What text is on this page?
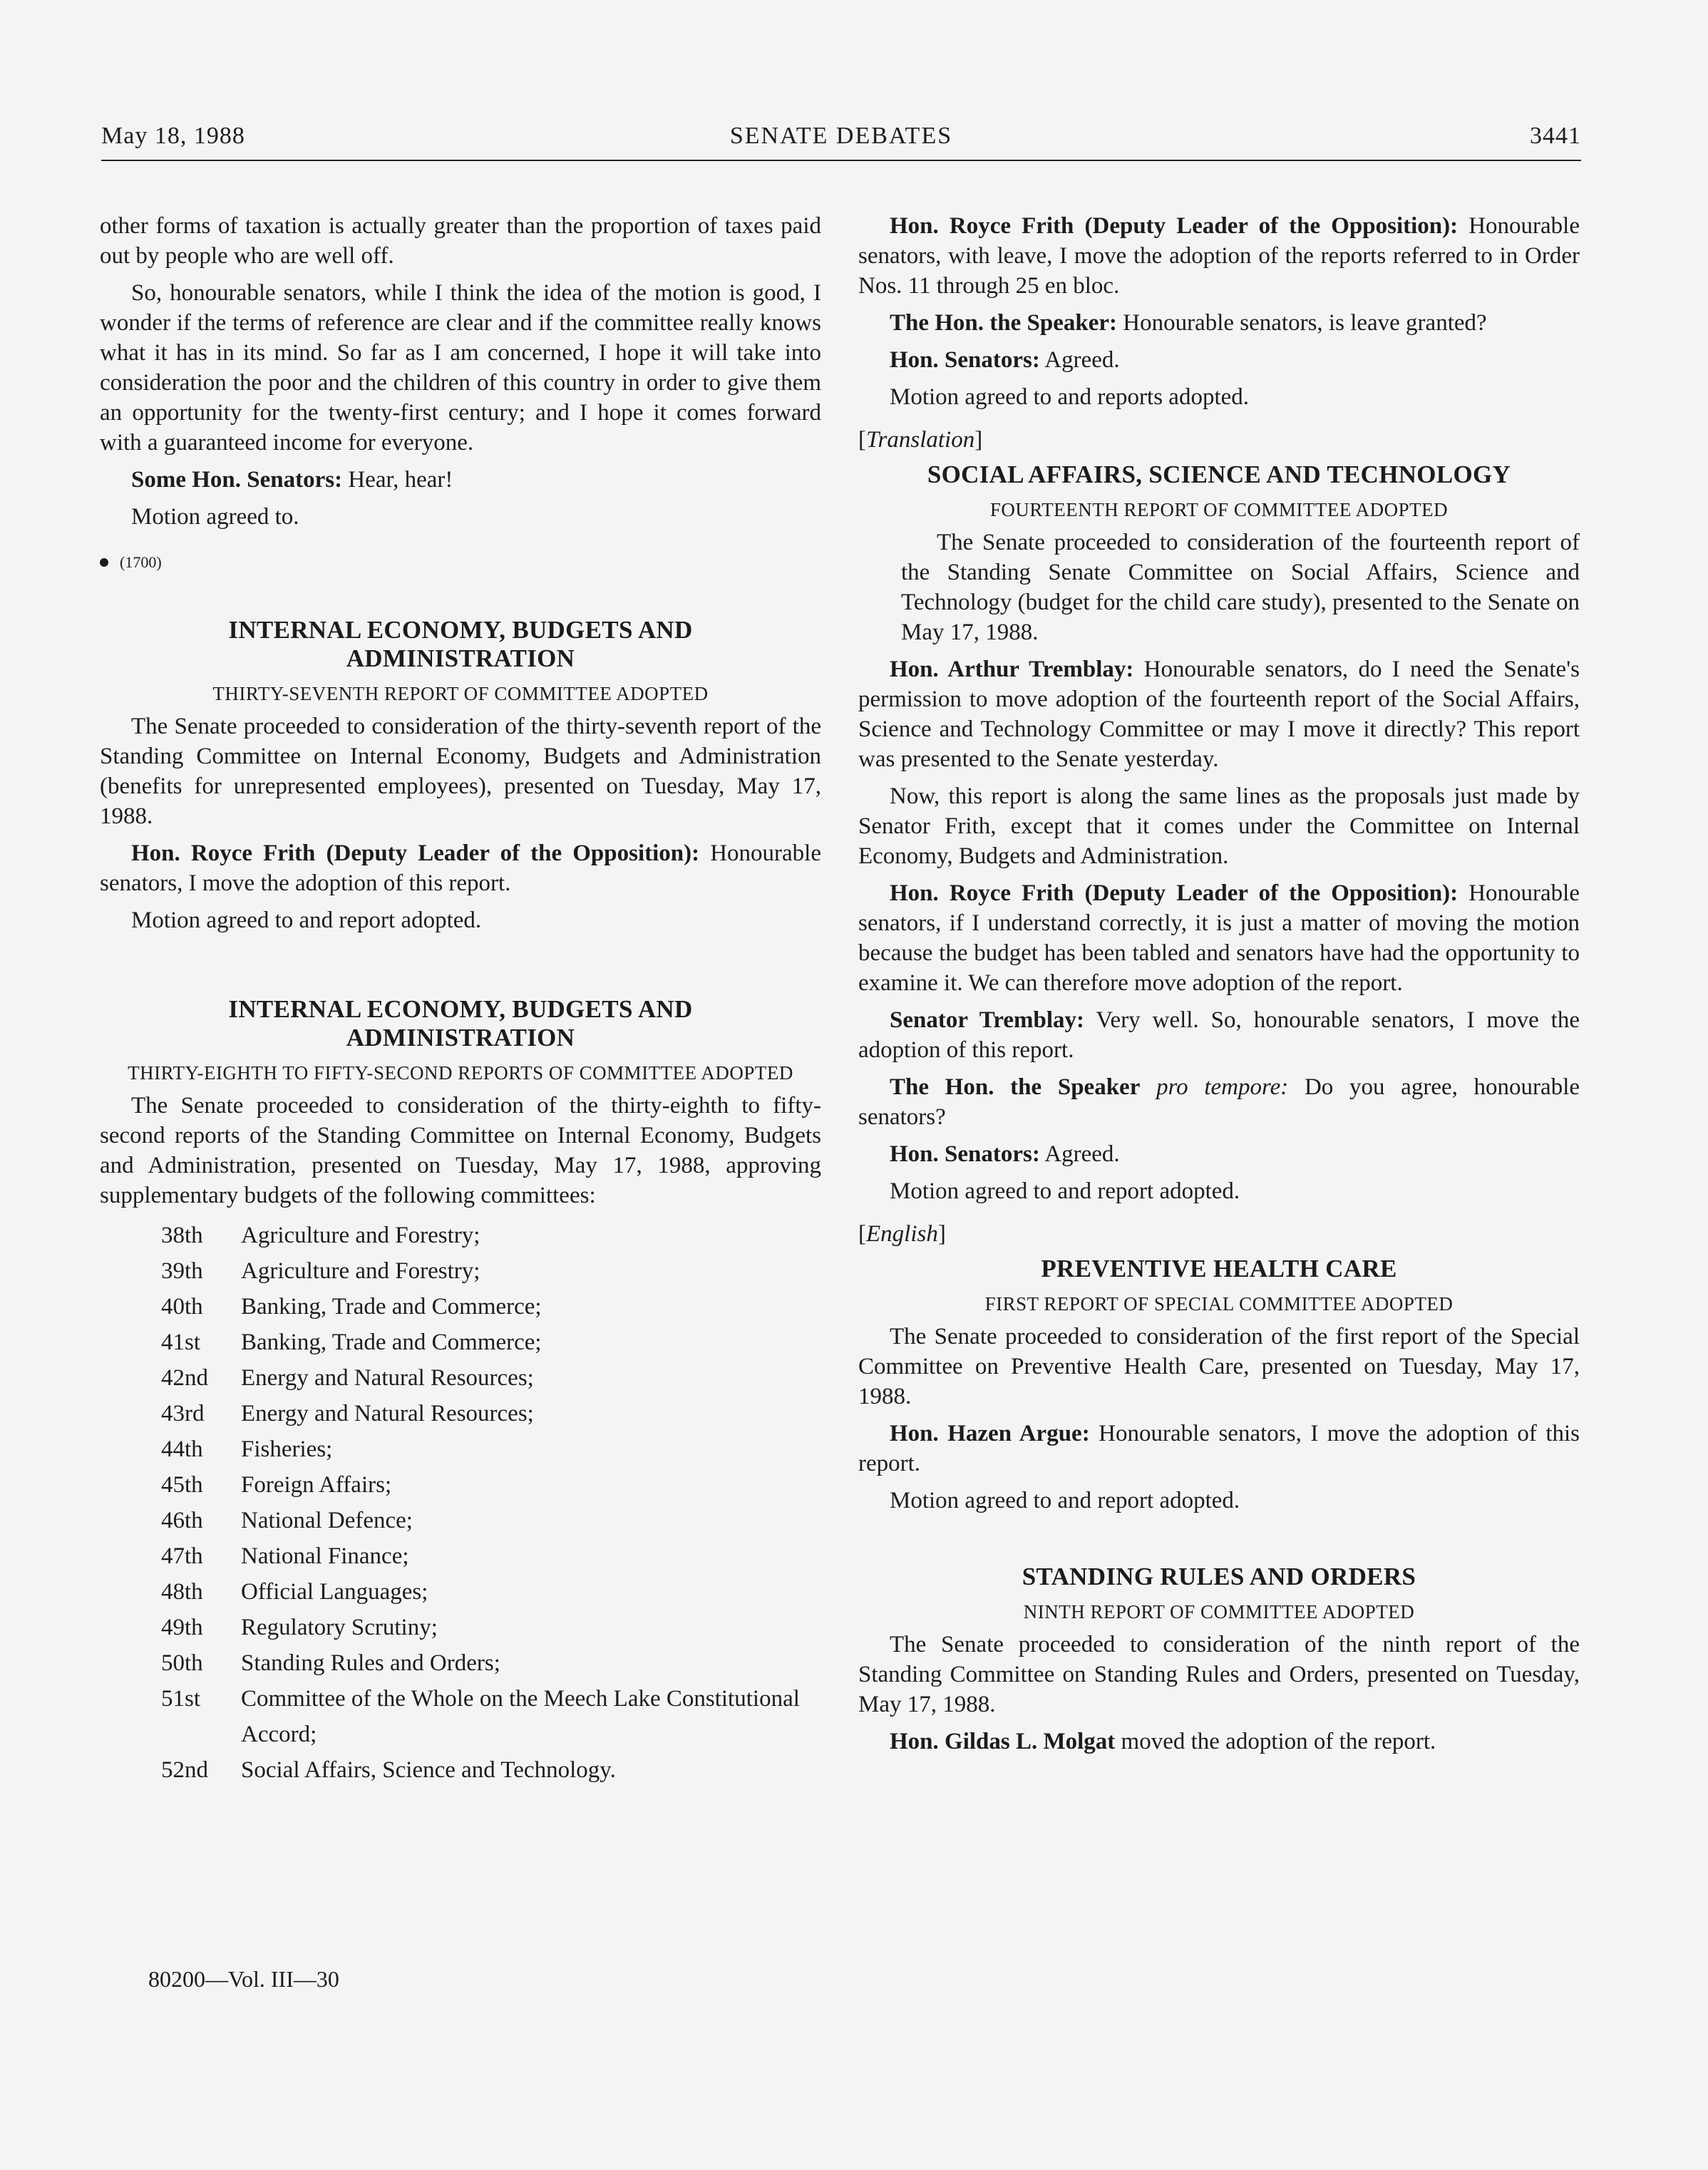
May 18, 1988	SENATE DEBATES	3441

other forms of taxation is actually greater than the proportion of taxes paid out by people who are well off.

So, honourable senators, while I think the idea of the motion is good, I wonder if the terms of reference are clear and if the committee really knows what it has in its mind. So far as I am concerned, I hope it will take into consideration the poor and the children of this country in order to give them an opportunity for the twenty-first century; and I hope it comes forward with a guaranteed income for everyone.

Some Hon. Senators: Hear, hear!

Motion agreed to.

(1700)
INTERNAL ECONOMY, BUDGETS AND
ADMINISTRATION
THIRTY-SEVENTH REPORT OF COMMITTEE ADOPTED

The Senate proceeded to consideration of the thirty-seventh report of the Standing Committee on Internal Economy, Budgets and Administration (benefits for unrepresented employees), presented on Tuesday, May 17, 1988.

Hon. Royce Frith (Deputy Leader of the Opposition): Honourable senators, I move the adoption of this report.

Motion agreed to and report adopted.

INTERNAL ECONOMY, BUDGETS AND
ADMINISTRATION
THIRTY-EIGHTH TO FIFTY-SECOND REPORTS OF COMMITTEE ADOPTED

The Senate proceeded to consideration of the thirty-eighth to fifty-second reports of the Standing Committee on Internal Economy, Budgets and Administration, presented on Tuesday, May 17, 1988, approving supplementary budgets of the following committees:

38th	Agriculture and Forestry;
39th	Agriculture and Forestry;
40th	Banking, Trade and Commerce;
41st	Banking, Trade and Commerce;
42nd	Energy and Natural Resources;
43rd	Energy and Natural Resources;
44th	Fisheries;
45th	Foreign Affairs;
46th	National Defence;
47th	National Finance;
48th	Official Languages;
49th	Regulatory Scrutiny;
50th	Standing Rules and Orders;
51st	Committee of the Whole on the Meech Lake Constitutional Accord;
52nd	Social Affairs, Science and Technology.

Hon. Royce Frith (Deputy Leader of the Opposition): Honourable senators, with leave, I move the adoption of the reports referred to in Order Nos. 11 through 25 en bloc.

The Hon. the Speaker: Honourable senators, is leave granted?

Hon. Senators: Agreed.

Motion agreed to and reports adopted.

[Translation]

SOCIAL AFFAIRS, SCIENCE AND TECHNOLOGY
FOURTEENTH REPORT OF COMMITTEE ADOPTED

The Senate proceeded to consideration of the fourteenth report of the Standing Senate Committee on Social Affairs, Science and Technology (budget for the child care study), presented to the Senate on May 17, 1988.

Hon. Arthur Tremblay: Honourable senators, do I need the Senate's permission to move adoption of the fourteenth report of the Social Affairs, Science and Technology Committee or may I move it directly? This report was presented to the Senate yesterday.

Now, this report is along the same lines as the proposals just made by Senator Frith, except that it comes under the Committee on Internal Economy, Budgets and Administration.

Hon. Royce Frith (Deputy Leader of the Opposition): Honourable senators, if I understand correctly, it is just a matter of moving the motion because the budget has been tabled and senators have had the opportunity to examine it. We can therefore move adoption of the report.

Senator Tremblay: Very well. So, honourable senators, I move the adoption of this report.

The Hon. the Speaker pro tempore: Do you agree, honourable senators?

Hon. Senators: Agreed.

Motion agreed to and report adopted.

[English]

PREVENTIVE HEALTH CARE
FIRST REPORT OF SPECIAL COMMITTEE ADOPTED

The Senate proceeded to consideration of the first report of the Special Committee on Preventive Health Care, presented on Tuesday, May 17, 1988.

Hon. Hazen Argue: Honourable senators, I move the adoption of this report.

Motion agreed to and report adopted.

STANDING RULES AND ORDERS
NINTH REPORT OF COMMITTEE ADOPTED

The Senate proceeded to consideration of the ninth report of the Standing Committee on Standing Rules and Orders, presented on Tuesday, May 17, 1988.

Hon. Gildas L. Molgat moved the adoption of the report.

80200—Vol. III—30
